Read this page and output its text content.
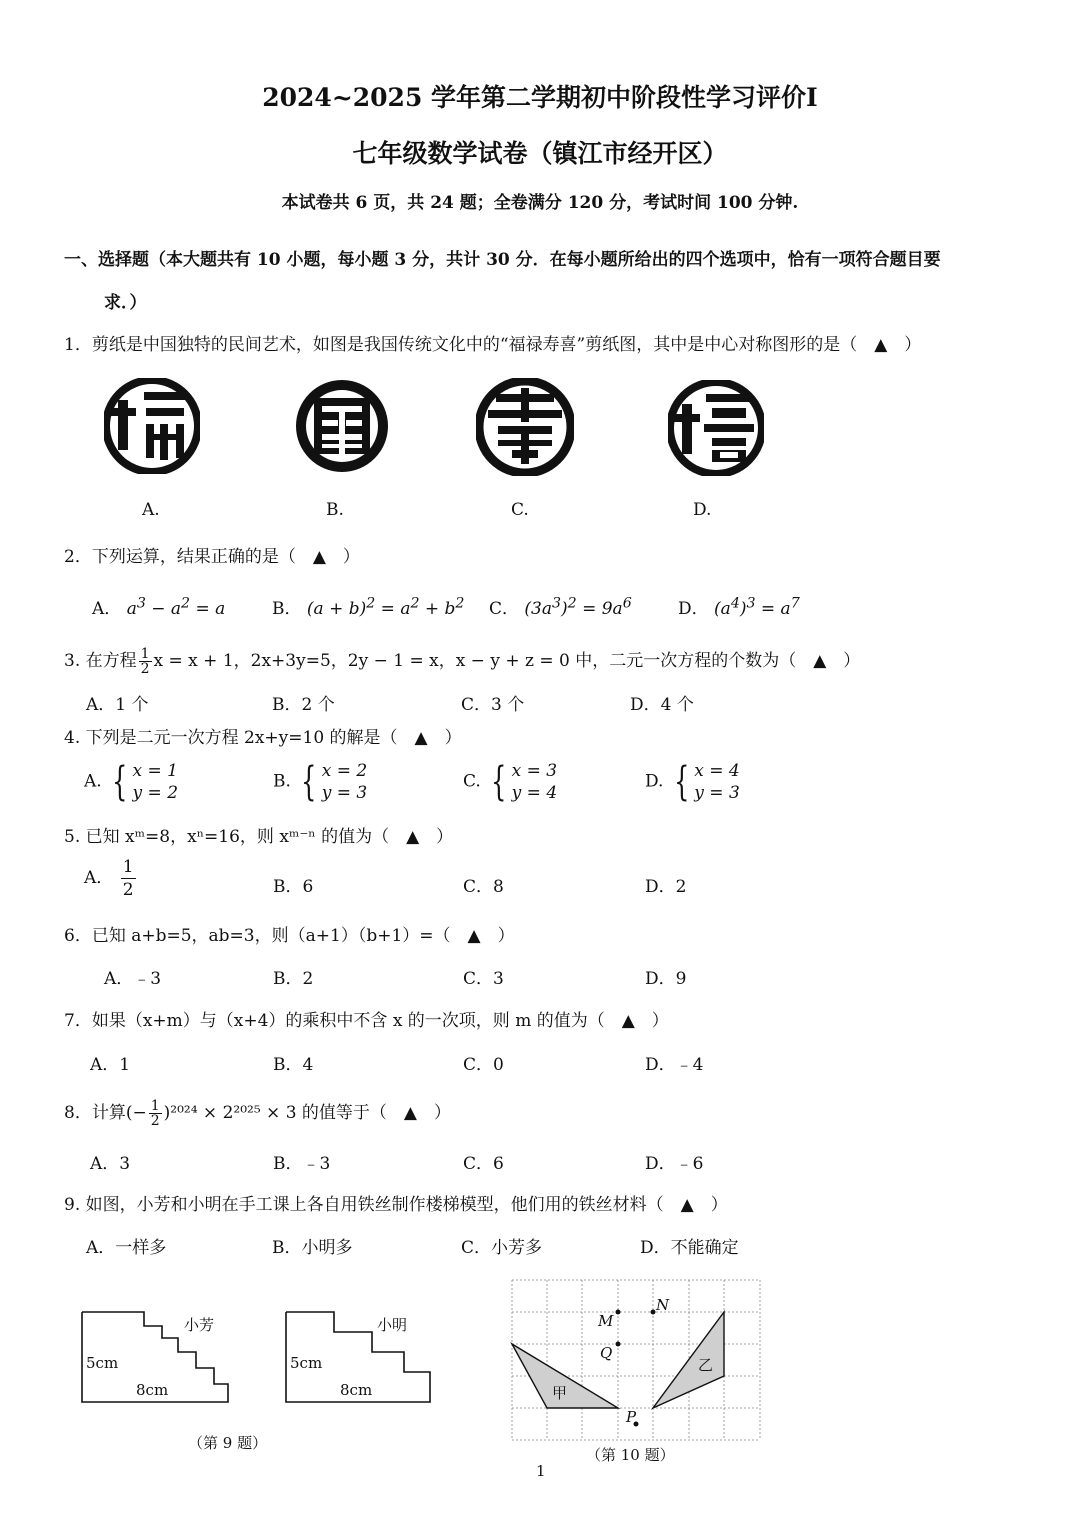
2024~2025 学年第二学期初中阶段性学习评价Ⅰ
七年级数学试卷（镇江市经开区）
本试卷共 6 页，共 24 题；全卷满分 120 分，考试时间 100 分钟.
一、选择题（本大题共有 10 小题，每小题 3 分，共计 30 分．在每小题所给出的四个选项中，恰有一项符合题目要
求．）
1．剪纸是中国独特的民间艺术，如图是我国传统文化中的“福禄寿喜”剪纸图，其中是中心对称图形的是（　▲　）
A.	B.	C.	D.
2．下列运算，结果正确的是（　▲　）
A． $a^3 - a^2 = a$	B． $(a + b)^2 = a^2 + b^2$ C． $(3a^3)^2 = 9a^6$	D． $(a^4)^3 = a^7$
3. 在方程 $\frac{1}{2}$ x = x + 1，2x+3y=5，2y − 1 = x，x − y + z = 0 中，二元一次方程的个数为（　▲　）
A．1 个	B．2 个	C．3 个	D．4 个
4. 下列是二元一次方程 2x+y=10 的解是（　▲　）
A. { x = 1
y = 2
B. { x = 2
y = 3
C. { x = 3
y = 4
D. { x = 4
y = 3
5. 已知 xᵐ=8，xⁿ=16，则 xᵐ⁻ⁿ 的值为（　▲　）
A． $\frac{1}{2}$	B．6	C．8	D．2
6．已知 a+b=5，ab=3，则（a+1）（b+1）=（　▲　）
A．﹣3	B．2	C．3	D．9
7．如果（x+m）与（x+4）的乘积中不含 x 的一次项，则 m 的值为（　▲　）
A．1	B．4	C．0	D．﹣4
8．计算(− $\frac{1}{2} )^{2024} \times 2^{2025} \times 3$ 的值等于（　▲　）
A．3	B．﹣3	C．6	D．﹣6
9. 如图，小芳和小明在手工课上各自用铁丝制作楼梯模型，他们用的铁丝材料（　▲　）
A．一样多	B．小明多	C．小芳多	D．不能确定
小芳
5cm
8cm
小明
5cm
8cm
（第 9 题）
M
N
Q
P
甲
乙
（第 10 题）
1
